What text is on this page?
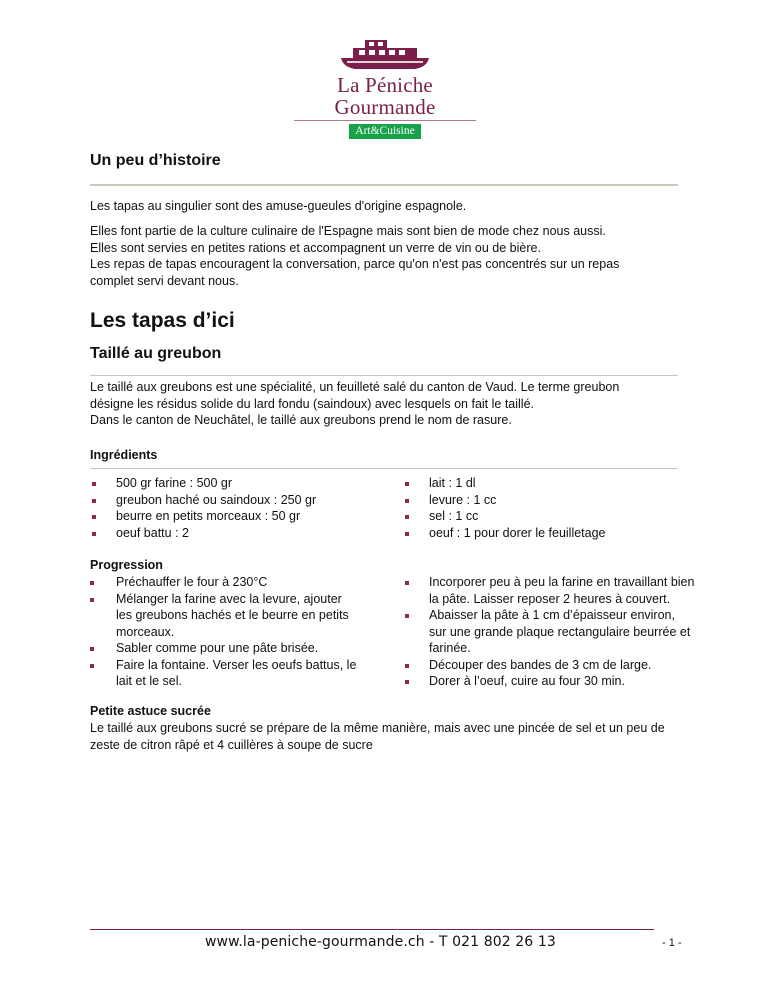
La Péniche Gourmande
Art&Cuisine
Un peu d’histoire
Les tapas au singulier sont des amuse-gueules d'origine espagnole.
Elles font partie de la culture culinaire de l'Espagne mais sont bien de mode chez nous aussi.
Elles sont servies en petites rations et accompagnent un verre de vin ou de bière.
Les repas de tapas encouragent la conversation, parce qu'on n'est pas concentrés sur un repas
complet servi devant nous.
Les tapas d’ici
Taillé au greubon
Le taillé aux greubons est une spécialité, un feuilleté salé du canton de Vaud. Le terme greubon
désigne les résidus solide du lard fondu (saindoux) avec lesquels on fait le taillé.
Dans le canton de Neuchâtel, le taillé aux greubons prend le nom de rasure.
Ingrédients
500 gr farine : 500 gr
greubon haché ou saindoux : 250 gr
beurre en petits morceaux : 50 gr
oeuf battu : 2
lait : 1 dl
levure : 1 cc
sel : 1 cc
oeuf : 1 pour dorer le feuilletage
Progression
Préchauffer le four à 230°C
Mélanger la farine avec la levure, ajouter
les greubons hachés et le beurre en petits
morceaux.
Sabler comme pour une pâte brisée.
Faire la fontaine. Verser les oeufs battus, le
lait et le sel.
Incorporer peu à peu la farine en travaillant bien
la pâte. Laisser reposer 2 heures à couvert.
Abaisser la pâte à 1 cm d’épaisseur environ,
sur une grande plaque rectangulaire beurrée et
farinée.
Découper des bandes de 3 cm de large.
Dorer à l’oeuf, cuire au four 30 min.
Petite astuce sucrée
Le taillé aux greubons sucré se prépare de la même manière, mais avec une pincée de sel et un peu de
zeste de citron râpé et 4 cuillères à soupe de sucre
www.la-peniche-gourmande.ch - T 021 802 26 13	- 1 -
